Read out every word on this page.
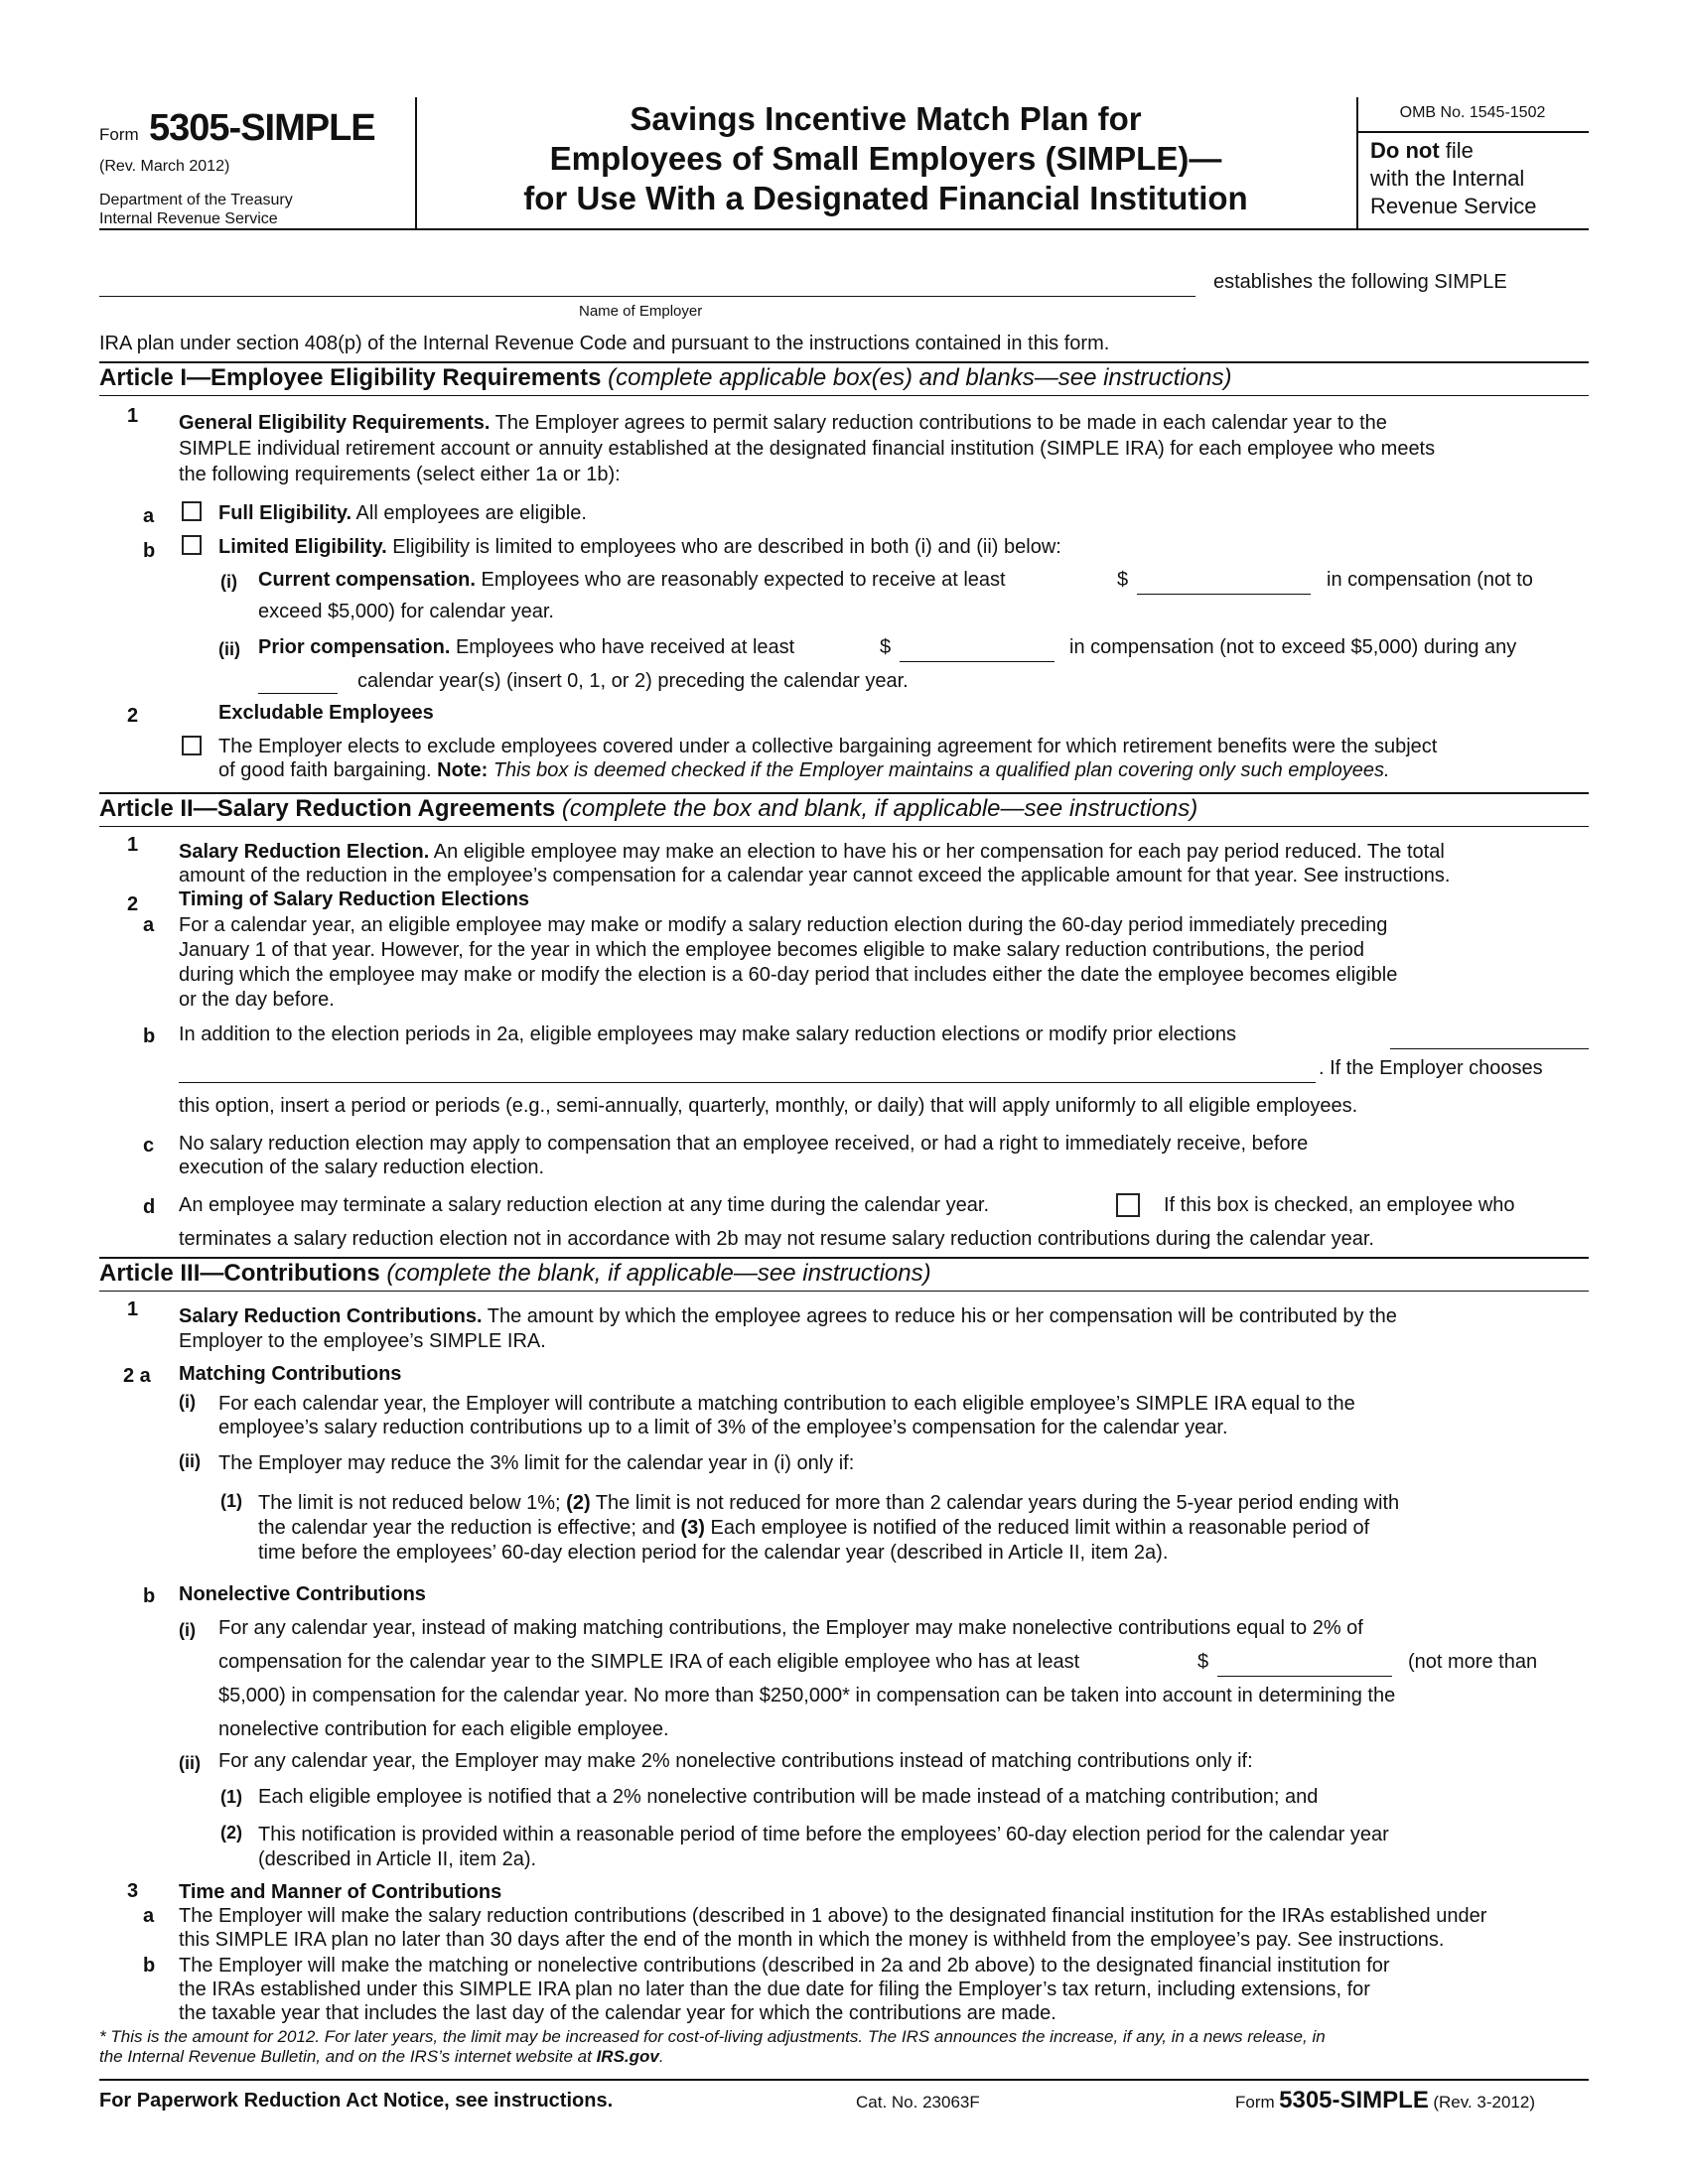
Form 5305-SIMPLE
(Rev. March 2012)
Department of the Treasury
Internal Revenue Service
Savings Incentive Match Plan for
Employees of Small Employers (SIMPLE)—
for Use With a Designated Financial Institution
OMB No. 1545-1502
Do not file
with the Internal
Revenue Service
establishes the following SIMPLE
Name of Employer
IRA plan under section 408(p) of the Internal Revenue Code and pursuant to the instructions contained in this form.
Article I—Employee Eligibility Requirements (complete applicable box(es) and blanks—see instructions)
1 General Eligibility Requirements. The Employer agrees to permit salary reduction contributions to be made in each calendar year to the
SIMPLE individual retirement account or annuity established at the designated financial institution (SIMPLE IRA) for each employee who meets
the following requirements (select either 1a or 1b):
a	Full Eligibility. All employees are eligible.
b	Limited Eligibility. Eligibility is limited to employees who are described in both (i) and (ii) below:
(i) Current compensation. Employees who are reasonably expected to receive at least	$	in compensation (not to
exceed $5,000) for calendar year.
(ii) Prior compensation. Employees who have received at least	$	in compensation (not to exceed $5,000) during any
calendar year(s) (insert 0, 1, or 2) preceding the calendar year.
2	Excludable Employees
The Employer elects to exclude employees covered under a collective bargaining agreement for which retirement benefits were the subject
of good faith bargaining. Note: This box is deemed checked if the Employer maintains a qualified plan covering only such employees.
Article II—Salary Reduction Agreements (complete the box and blank, if applicable—see instructions)
1 Salary Reduction Election. An eligible employee may make an election to have his or her compensation for each pay period reduced. The total
amount of the reduction in the employee’s compensation for a calendar year cannot exceed the applicable amount for that year. See instructions.
2 Timing of Salary Reduction Elections
a For a calendar year, an eligible employee may make or modify a salary reduction election during the 60-day period immediately preceding
January 1 of that year. However, for the year in which the employee becomes eligible to make salary reduction contributions, the period
during which the employee may make or modify the election is a 60-day period that includes either the date the employee becomes eligible
or the day before.
b In addition to the election periods in 2a, eligible employees may make salary reduction elections or modify prior elections
. If the Employer chooses
this option, insert a period or periods (e.g., semi-annually, quarterly, monthly, or daily) that will apply uniformly to all eligible employees.
c No salary reduction election may apply to compensation that an employee received, or had a right to immediately receive, before
execution of the salary reduction election.
d An employee may terminate a salary reduction election at any time during the calendar year.	If this box is checked, an employee who
terminates a salary reduction election not in accordance with 2b may not resume salary reduction contributions during the calendar year.
Article III—Contributions (complete the blank, if applicable—see instructions)
1 Salary Reduction Contributions. The amount by which the employee agrees to reduce his or her compensation will be contributed by the
Employer to the employee’s SIMPLE IRA.
2 a Matching Contributions
(i) For each calendar year, the Employer will contribute a matching contribution to each eligible employee’s SIMPLE IRA equal to the
employee’s salary reduction contributions up to a limit of 3% of the employee’s compensation for the calendar year.
(ii) The Employer may reduce the 3% limit for the calendar year in (i) only if:
(1) The limit is not reduced below 1%; (2) The limit is not reduced for more than 2 calendar years during the 5-year period ending with
the calendar year the reduction is effective; and (3) Each employee is notified of the reduced limit within a reasonable period of
time before the employees’ 60-day election period for the calendar year (described in Article II, item 2a).
b Nonelective Contributions
(i) For any calendar year, instead of making matching contributions, the Employer may make nonelective contributions equal to 2% of
compensation for the calendar year to the SIMPLE IRA of each eligible employee who has at least	$	(not more than
$5,000) in compensation for the calendar year. No more than $250,000* in compensation can be taken into account in determining the
nonelective contribution for each eligible employee.
(ii) For any calendar year, the Employer may make 2% nonelective contributions instead of matching contributions only if:
(1) Each eligible employee is notified that a 2% nonelective contribution will be made instead of a matching contribution; and
(2) This notification is provided within a reasonable period of time before the employees’ 60-day election period for the calendar year
(described in Article II, item 2a).
3 Time and Manner of Contributions
a The Employer will make the salary reduction contributions (described in 1 above) to the designated financial institution for the IRAs established under
this SIMPLE IRA plan no later than 30 days after the end of the month in which the money is withheld from the employee’s pay. See instructions.
b The Employer will make the matching or nonelective contributions (described in 2a and 2b above) to the designated financial institution for
the IRAs established under this SIMPLE IRA plan no later than the due date for filing the Employer’s tax return, including extensions, for
the taxable year that includes the last day of the calendar year for which the contributions are made.
* This is the amount for 2012. For later years, the limit may be increased for cost-of-living adjustments. The IRS announces the increase, if any, in a news release, in
the Internal Revenue Bulletin, and on the IRS’s internet website at IRS.gov.
For Paperwork Reduction Act Notice, see instructions.	Cat. No. 23063F	Form 5305-SIMPLE (Rev. 3-2012)
